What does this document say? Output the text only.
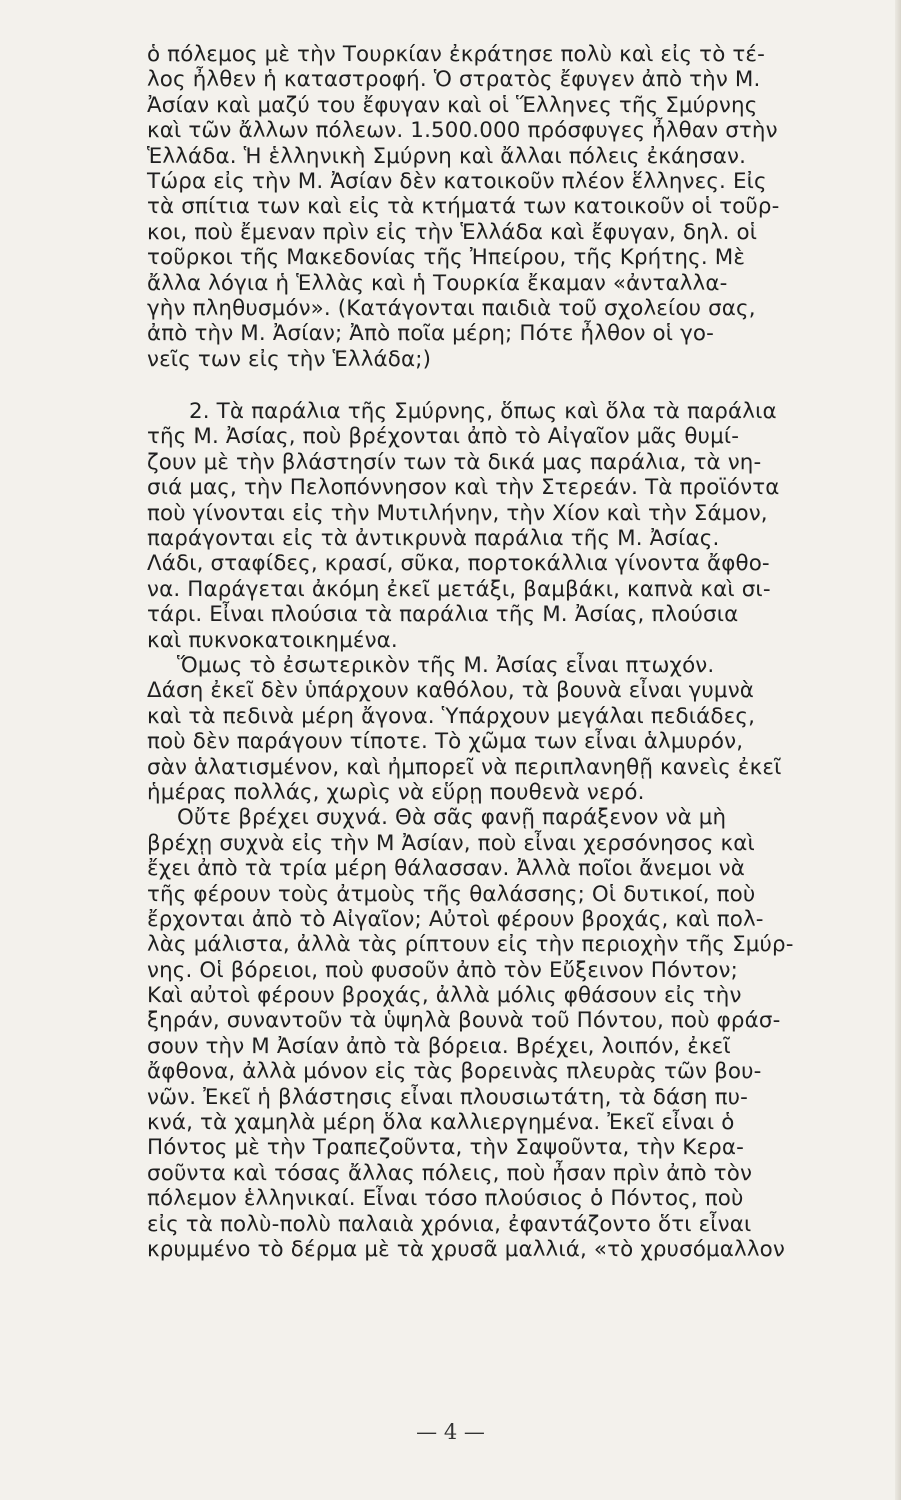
ὁ πόλεμος μὲ τὴν Τουρκίαν ἐκράτησε πολὺ καὶ εἰς τὸ τέ-
λος ἦλθεν ἡ καταστροφή. Ὁ στρατὸς ἔφυγεν ἀπὸ τὴν Μ.
Ἀσίαν καὶ μαζύ του ἔφυγαν καὶ οἱ Ἕλληνες τῆς Σμύρνης
καὶ τῶν ἄλλων πόλεων. 1.500.000 πρόσφυγες ἦλθαν στὴν
Ἑλλάδα. Ἡ ἑλληνικὴ Σμύρνη καὶ ἄλλαι πόλεις ἐκάησαν.
Τώρα εἰς τὴν Μ. Ἀσίαν δὲν κατοικοῦν πλέον ἕλληνες. Εἰς
τὰ σπίτια των καὶ εἰς τὰ κτήματά των κατοικοῦν οἱ τοῦρ-
κοι, ποὺ ἔμεναν πρὶν εἰς τὴν Ἑλλάδα καὶ ἔφυγαν, δηλ. οἱ
τοῦρκοι τῆς Μακεδονίας τῆς Ἠπείρου, τῆς Κρήτης. Μὲ
ἄλλα λόγια ἡ Ἑλλὰς καὶ ἡ Τουρκία ἔκαμαν «ἀνταλλα-
γὴν πληθυσμόν». (Κατάγονται παιδιὰ τοῦ σχολείου σας,
ἀπὸ τὴν Μ. Ἀσίαν; Ἀπὸ ποῖα μέρη; Πότε ἦλθον οἱ γο-
νεῖς των εἰς τὴν Ἑλλάδα;)
2. Τὰ παράλια τῆς Σμύρνης, ὅπως καὶ ὅλα τὰ παράλια
τῆς Μ. Ἀσίας, ποὺ βρέχονται ἀπὸ τὸ Αἰγαῖον μᾶς θυμί-
ζουν μὲ τὴν βλάστησίν των τὰ δικά μας παράλια, τὰ νη-
σιά μας, τὴν Πελοπόννησον καὶ τὴν Στερεάν. Τὰ προϊόντα
ποὺ γίνονται εἰς τὴν Μυτιλήνην, τὴν Χίον καὶ τὴν Σάμον,
παράγονται εἰς τὰ ἀντικρυνὰ παράλια τῆς Μ. Ἀσίας.
Λάδι, σταφίδες, κρασί, σῦκα, πορτοκάλλια γίνοντα ἄφθο-
να. Παράγεται ἀκόμη ἐκεῖ μετάξι, βαμβάκι, καπνὰ καὶ σι-
τάρι. Εἶναι πλούσια τὰ παράλια τῆς Μ. Ἀσίας, πλούσια
καὶ πυκνοκατοικημένα.
Ὅμως τὸ ἐσωτερικὸν τῆς Μ. Ἀσίας εἶναι πτωχόν.
Δάση ἐκεῖ δὲν ὑπάρχουν καθόλου, τὰ βουνὰ εἶναι γυμνὰ
καὶ τὰ πεδινὰ μέρη ἄγονα. Ὑπάρχουν μεγάλαι πεδιάδες,
ποὺ δὲν παράγουν τίποτε. Τὸ χῶμα των εἶναι ἁλμυρόν,
σὰν ἁλατισμένον, καὶ ἠμπορεῖ νὰ περιπλανηθῇ κανεὶς ἐκεῖ
ἡμέρας πολλάς, χωρὶς νὰ εὕρῃ πουθενὰ νερό.
Οὔτε βρέχει συχνά. Θὰ σᾶς φανῇ παράξενον νὰ μὴ
βρέχῃ συχνὰ εἰς τὴν Μ Ἀσίαν, ποὺ εἶναι χερσόνησος καὶ
ἔχει ἀπὸ τὰ τρία μέρη θάλασσαν. Ἀλλὰ ποῖοι ἄνεμοι νὰ
τῆς φέρουν τοὺς ἀτμοὺς τῆς θαλάσσης; Οἱ δυτικοί, ποὺ
ἔρχονται ἀπὸ τὸ Αἰγαῖον; Αὐτοὶ φέρουν βροχάς, καὶ πολ-
λὰς μάλιστα, ἀλλὰ τὰς ρίπτουν εἰς τὴν περιοχὴν τῆς Σμύρ-
νης. Οἱ βόρειοι, ποὺ φυσοῦν ἀπὸ τὸν Εὔξεινον Πόντον;
Καὶ αὐτοὶ φέρουν βροχάς, ἀλλὰ μόλις φθάσουν εἰς τὴν
ξηράν, συναντοῦν τὰ ὑψηλὰ βουνὰ τοῦ Πόντου, ποὺ φράσ-
σουν τὴν Μ Ἀσίαν ἀπὸ τὰ βόρεια. Βρέχει, λοιπόν, ἐκεῖ
ἄφθονα, ἀλλὰ μόνον εἰς τὰς βορεινὰς πλευρὰς τῶν βου-
νῶν. Ἐκεῖ ἡ βλάστησις εἶναι πλουσιωτάτη, τὰ δάση πυ-
κνά, τὰ χαμηλὰ μέρη ὅλα καλλιεργημένα. Ἐκεῖ εἶναι ὁ
Πόντος μὲ τὴν Τραπεζοῦντα, τὴν Σαψοῦντα, τὴν Κερα-
σοῦντα καὶ τόσας ἄλλας πόλεις, ποὺ ἦσαν πρὶν ἀπὸ τὸν
πόλεμον ἑλληνικαί. Εἶναι τόσο πλούσιος ὁ Πόντος, ποὺ
εἰς τὰ πολὺ-πολὺ παλαιὰ χρόνια, ἐφαντάζοντο ὅτι εἶναι
κρυμμένο τὸ δέρμα μὲ τὰ χρυσᾶ μαλλιά, «τὸ χρυσόμαλλον
— 4 —
